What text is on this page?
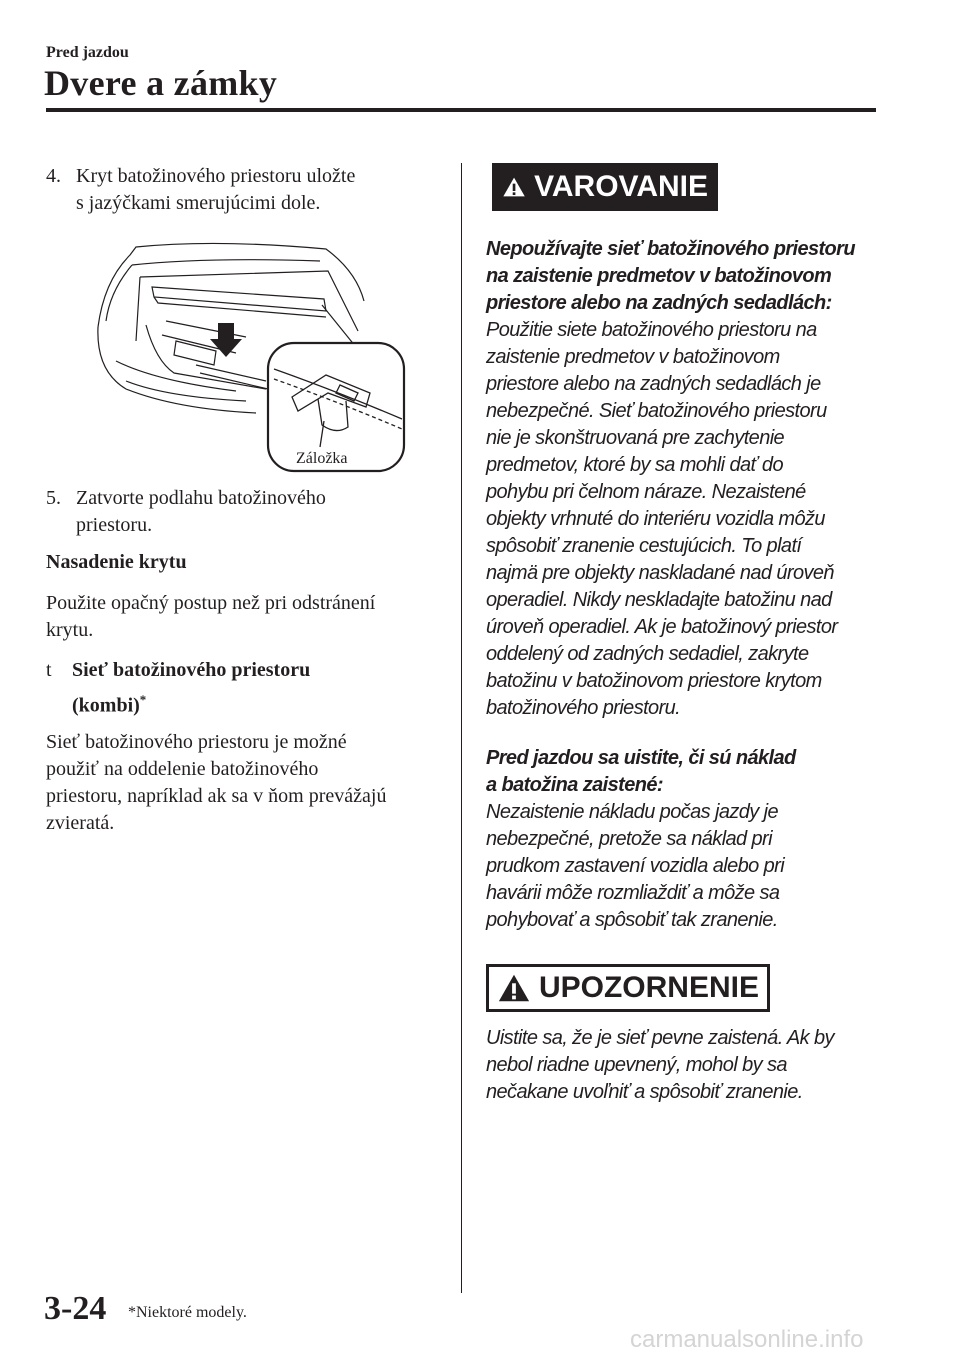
Pred jazdou
Dvere a zámky
4. Kryt batožinového priestoru uložte
s jazýčkami smerujúcimi dole.
Záložka
5. Zatvorte podlahu batožinového
priestoru.
Nasadenie krytu
Použite opačný postup než pri odstránení
krytu.
t Sieť batožinového priestoru
(kombi)*
Sieť batožinového priestoru je možné
použiť na oddelenie batožinového
priestoru, napríklad ak sa v ňom prevážajú
zvieratá.
VAROVANIE
Nepoužívajte sieť batožinového priestoru
na zaistenie predmetov v batožinovom
priestore alebo na zadných sedadlách:
Použitie siete batožinového priestoru na
zaistenie predmetov v batožinovom
priestore alebo na zadných sedadlách je
nebezpečné. Sieť batožinového priestoru
nie je skonštruovaná pre zachytenie
predmetov, ktoré by sa mohli dať do
pohybu pri čelnom náraze. Nezaistené
objekty vrhnuté do interiéru vozidla môžu
spôsobiť zranenie cestujúcich. To platí
najmä pre objekty naskladané nad úroveň
operadiel. Nikdy neskladajte batožinu nad
úroveň operadiel. Ak je batožinový priestor
oddelený od zadných sedadiel, zakryte
batožinu v batožinovom priestore krytom
batožinového priestoru.
Pred jazdou sa uistite, či sú náklad
a batožina zaistené:
Nezaistenie nákladu počas jazdy je
nebezpečné, pretože sa náklad pri
prudkom zastavení vozidla alebo pri
havárii môže rozmliaždiť a môže sa
pohybovať a spôsobiť tak zranenie.
UPOZORNENIE
Uistite sa, že je sieť pevne zaistená. Ak by
nebol riadne upevnený, mohol by sa
nečakane uvoľniť a spôsobiť zranenie.
3-24 *Niektoré modely.
carmanualsonline.info
